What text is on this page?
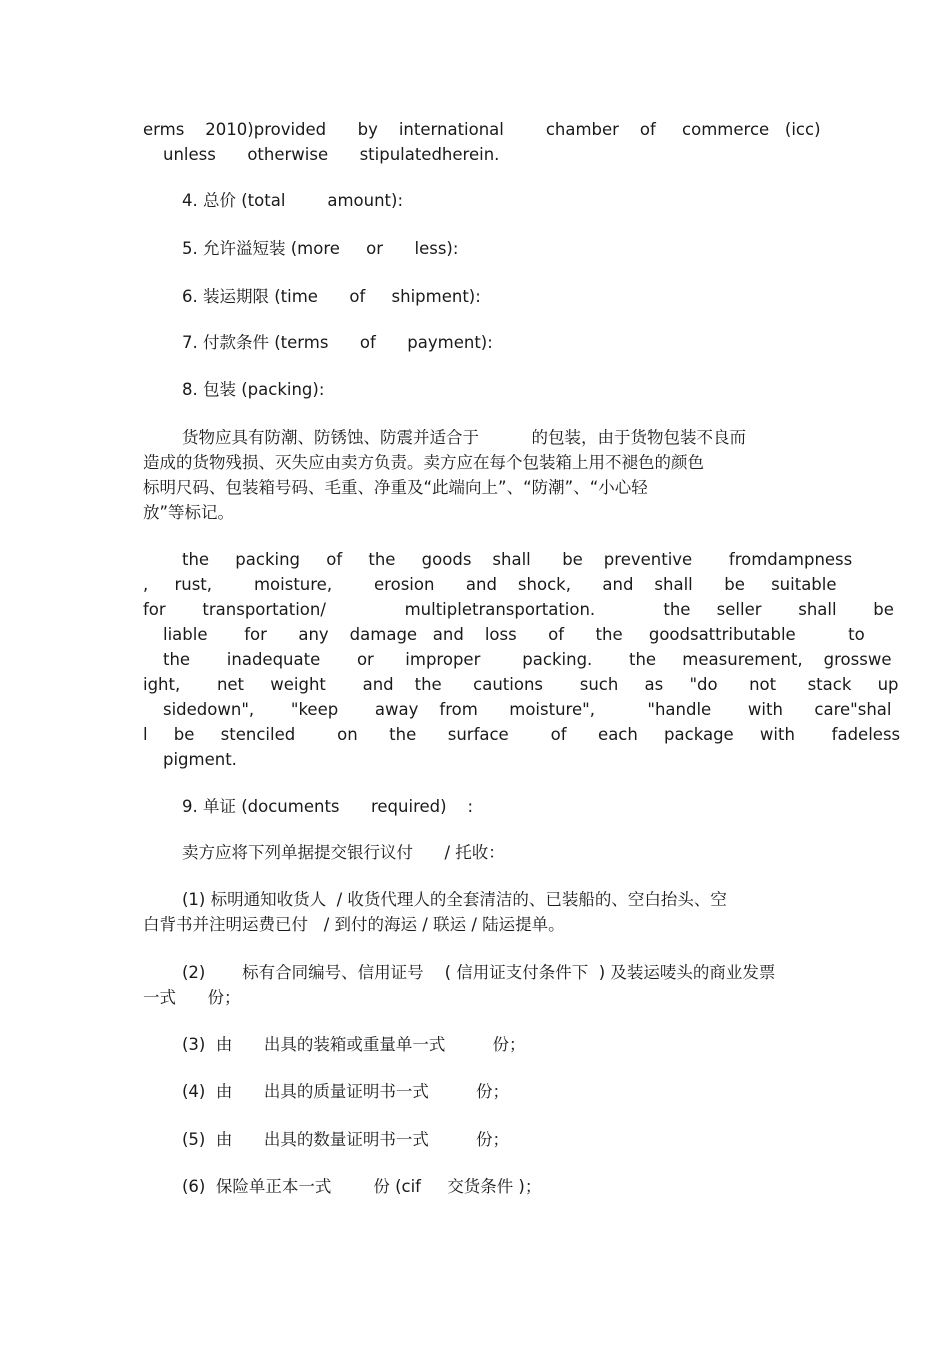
erms    2010)provided      by    international        chamber    of     commerce   (icc)

unless      otherwise      stipulatedherein.

4. 总价 (total        amount):

5. 允许溢短装 (more     or      less):

6. 装运期限 (time      of     shipment):

7. 付款条件 (terms      of      payment):

8. 包装 (packing):

货物应具有防潮、防锈蚀、防震并适合于          的包装，由于货物包装不良而

造成的货物残损、灭失应由卖方负责。卖方应在每个包装箱上用不褪色的颜色

标明尺码、包装箱号码、毛重、净重及“此端向上”、“防潮”、“小心轻

放”等标记。

the     packing     of     the     goods    shall      be    preventive       fromdampness

,     rust,        moisture,        erosion      and    shock,      and    shall      be     suitable

for       transportation/               multipletransportation.             the     seller       shall       be

liable       for      any    damage   and    loss      of      the     goodsattributable          to

the       inadequate       or      improper        packing.       the     measurement,    grosswe

ight,       net     weight       and    the      cautions       such     as     "do      not      stack     up

sidedown",       "keep       away    from      moisture",          "handle       with      care"shal

l     be     stenciled        on      the      surface        of      each     package     with       fadeless

pigment.

9. 单证 (documents      required)    :

卖方应将下列单据提交银行议付      / 托收：

(1) 标明通知收货人  / 收货代理人的全套清洁的、已装船的、空白抬头、空

白背书并注明运费已付   / 到付的海运 / 联运 / 陆运提单。

(2)       标有合同编号、信用证号    ( 信用证支付条件下  ) 及装运唛头的商业发票

一式      份；

(3)  由      出具的装箱或重量单一式         份；

(4)  由      出具的质量证明书一式         份；

(5)  由      出具的数量证明书一式         份；

(6)  保险单正本一式        份 (cif     交货条件 )；
